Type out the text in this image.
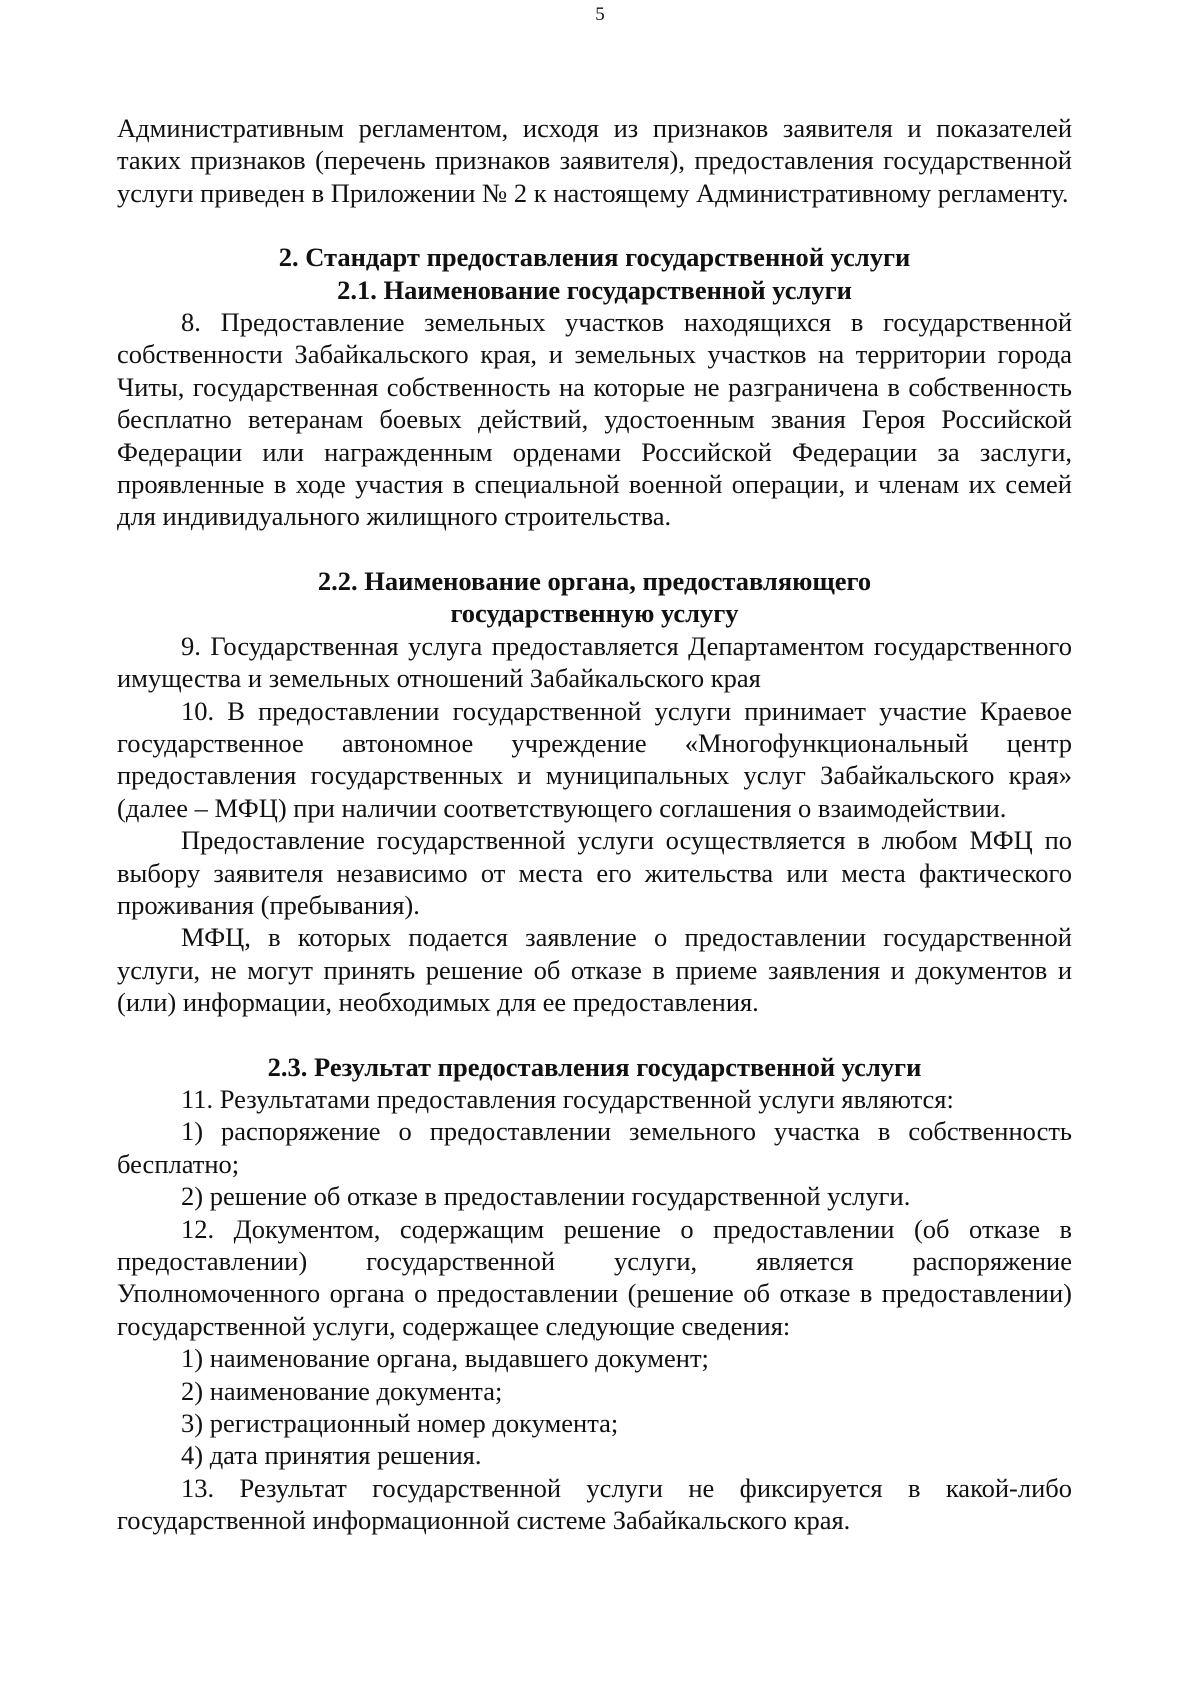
5

Административным регламентом, исходя из признаков заявителя и показателей таких признаков (перечень признаков заявителя), предоставления государственной услуги приведен в Приложении № 2 к настоящему Административному регламенту.

2. Стандарт предоставления государственной услуги

2.1. Наименование государственной услуги

8. Предоставление земельных участков находящихся в государственной собственности Забайкальского края, и земельных участков на территории города Читы, государственная собственность на которые не разграничена в собственность бесплатно ветеранам боевых действий, удостоенным звания Героя Российской Федерации или награжденным орденами Российской Федерации за заслуги, проявленные в ходе участия в специальной военной операции, и членам их семей для индивидуального жилищного строительства.

2.2. Наименование органа, предоставляющего

государственную услугу

9. Государственная услуга предоставляется Департаментом государственного имущества и земельных отношений Забайкальского края

10. В предоставлении государственной услуги принимает участие Краевое государственное автономное учреждение «Многофункциональный центр предоставления государственных и муниципальных услуг Забайкальского края» (далее – МФЦ) при наличии соответствующего соглашения о взаимодействии.

Предоставление государственной услуги осуществляется в любом МФЦ по выбору заявителя независимо от места его жительства или места фактического проживания (пребывания).

МФЦ, в которых подается заявление о предоставлении государственной услуги, не могут принять решение об отказе в приеме заявления и документов и (или) информации, необходимых для ее предоставления.

2.3. Результат предоставления государственной услуги

11. Результатами предоставления государственной услуги являются:

1) распоряжение о предоставлении земельного участка в собственность бесплатно;

2) решение об отказе в предоставлении государственной услуги.

12. Документом, содержащим решение о предоставлении (об отказе в предоставлении) государственной услуги, является распоряжение Уполномоченного органа о предоставлении (решение об отказе в предоставлении) государственной услуги, содержащее следующие сведения:

1) наименование органа, выдавшего документ;

2) наименование документа;

3) регистрационный номер документа;

4) дата принятия решения.

13. Результат государственной услуги не фиксируется в какой-либо государственной информационной системе Забайкальского края.
